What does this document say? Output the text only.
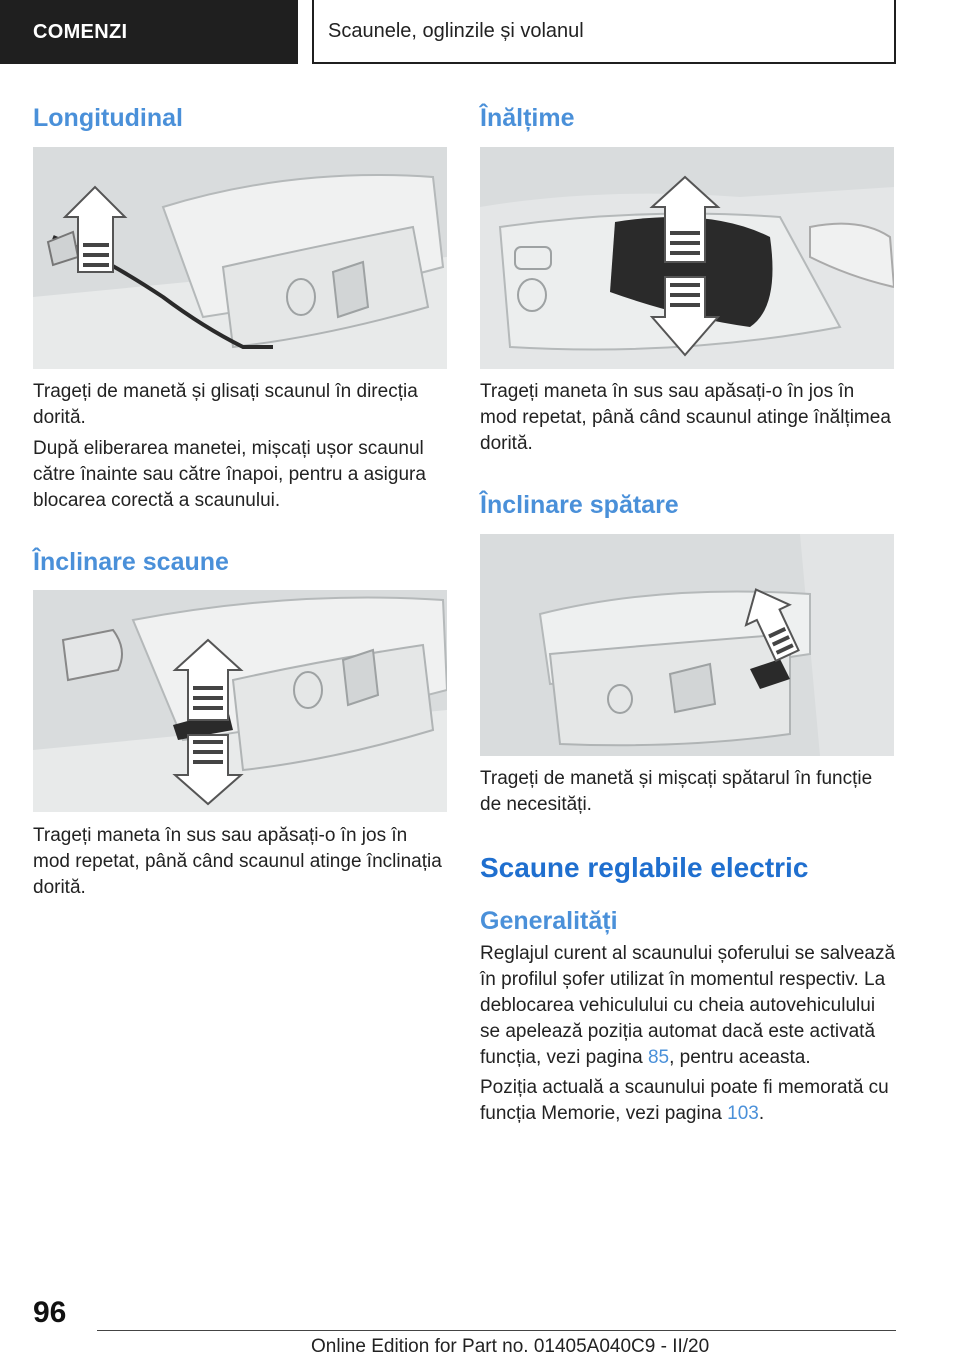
COMENZI	Scaunele, oglinzile și volanul
Longitudinal

Trageți de manetă și glisați scaunul în direcția dorită.

După eliberarea manetei, mișcați ușor scaunul către înainte sau către înapoi, pentru a asigura blocarea corectă a scaunului.

Înclinare scaune

Trageți maneta în sus sau apăsați-o în jos în mod repetat, până când scaunul atinge înclinația dorită.

Înălțime

Trageți maneta în sus sau apăsați-o în jos în mod repetat, până când scaunul atinge înălțimea dorită.

Înclinare spătare

Trageți de manetă și mișcați spătarul în funcție de necesități.

Scaune reglabile electric
Generalități

Reglajul curent al scaunului șoferului se salvează în profilul șofer utilizat în momentul respectiv. La deblocarea vehiculului cu cheia autovehiculului se apelează poziția automat dacă este activată funcția, vezi pagina 85, pentru aceasta.

Poziția actuală a scaunului poate fi memorată cu funcția Memorie, vezi pagina 103.

96
Online Edition for Part no. 01405A040C9 - II/20
